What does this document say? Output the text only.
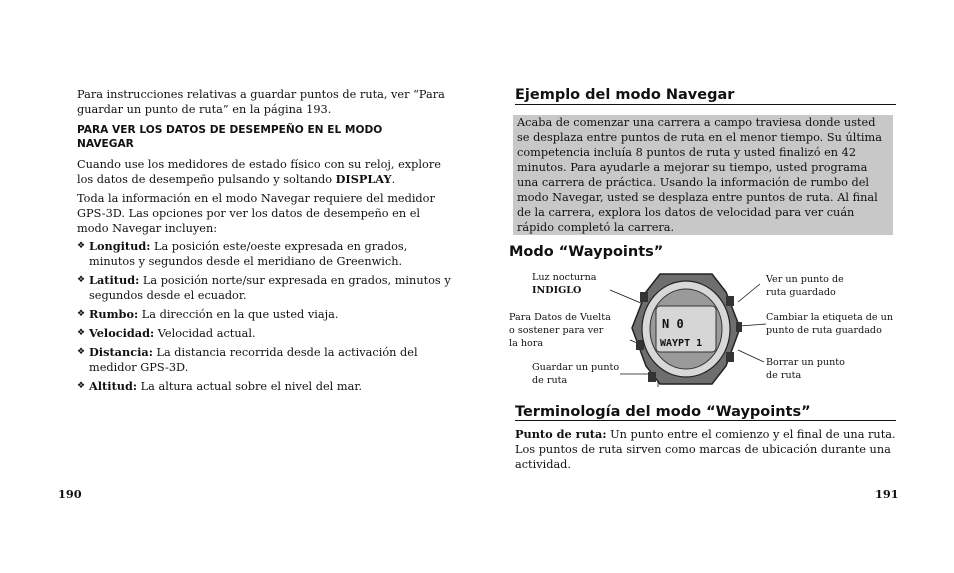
Para instrucciones relativas a guardar puntos de ruta, ver “Para guardar un punto de ruta” en la página 193.
PARA VER LOS DATOS DE DESEMPEÑO EN EL MODO NAVEGAR
Cuando use los medidores de estado físico con su reloj, explore los datos de desempeño pulsando y soltando DISPLAY.
Toda la información en el modo Navegar requiere del medidor GPS-3D. Las opciones por ver los datos de desempeño en el modo Navegar incluyen:
❖ Longitud: La posición este/oeste expresada en grados, minutos y segundos desde el meridiano de Greenwich.
❖ Latitud: La posición norte/sur expresada en grados, minutos y segundos desde el ecuador.
❖ Rumbo: La dirección en la que usted viaja.
❖ Velocidad: Velocidad actual.
❖ Distancia: La distancia recorrida desde la activación del medidor GPS-3D.
❖ Altitud: La altura actual sobre el nivel del mar.
190
Ejemplo del modo Navegar
Acaba de comenzar una carrera a campo traviesa donde usted se desplaza entre puntos de ruta en el menor tiempo. Su última competencia incluía 8 puntos de ruta y usted finalizó en 42 minutos. Para ayudarle a mejorar su tiempo, usted programa una carrera de práctica. Usando la información de rumbo del modo Navegar, usted se desplaza entre puntos de ruta. Al final de la carrera, explora los datos de velocidad para ver cuán rápido completó la carrera.
Modo “Waypoints”
Luz nocturna
INDIGLO
Para Datos de Vuelta
o sostener para ver
la hora
Guardar un punto
de ruta
Ver un punto de
ruta guardado
Cambiar la etiqueta de un
punto de ruta guardado
Borrar un punto
de ruta
N 0
WAYPT 1
Terminología del modo “Waypoints”
Punto de ruta: Un punto entre el comienzo y el final de una ruta. Los puntos de ruta sirven como marcas de ubicación durante una actividad.
191
